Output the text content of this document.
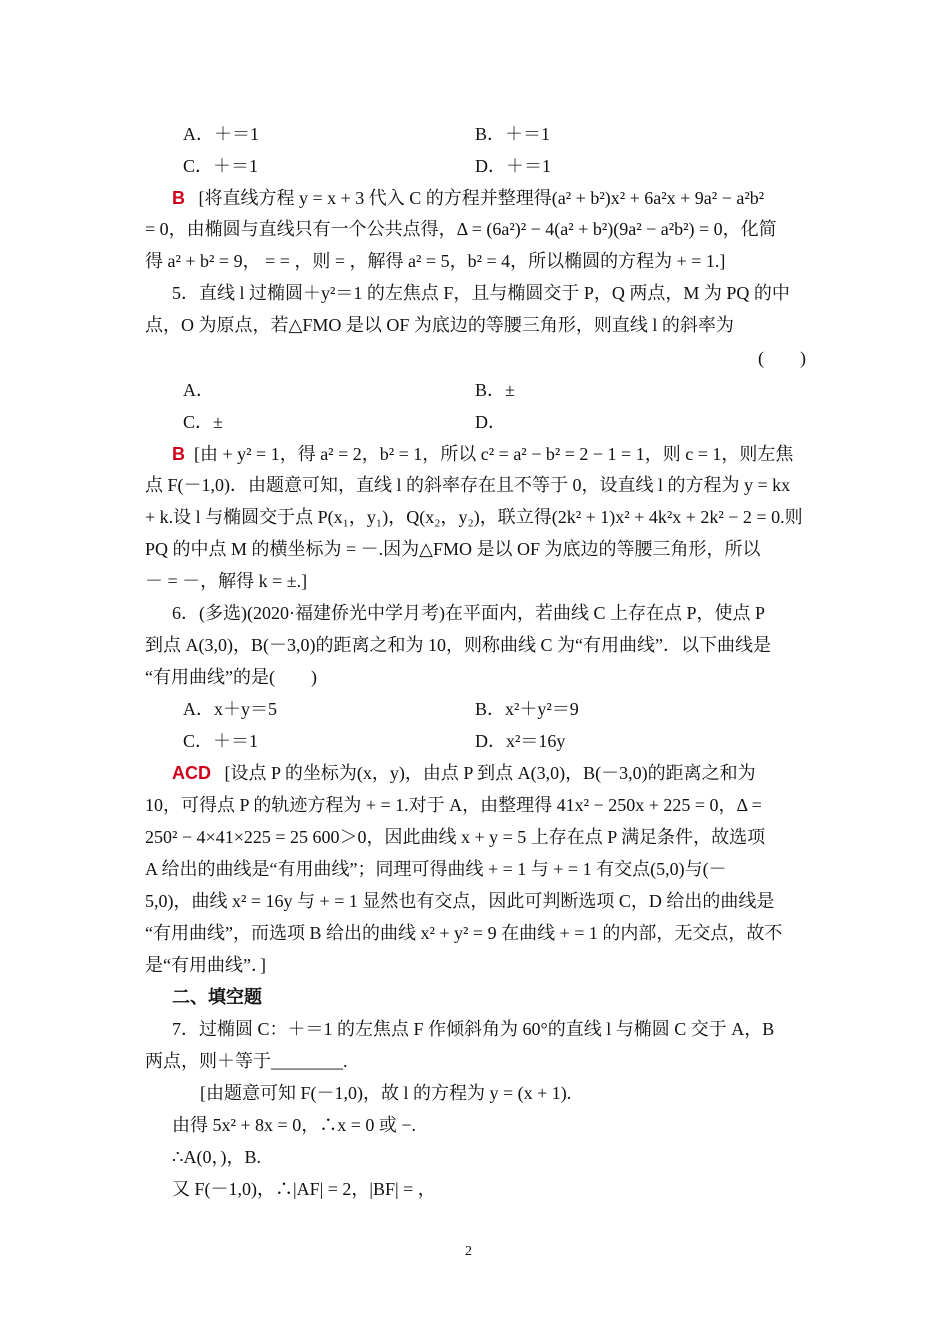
A．＋＝1	B．＋＝1
C．＋＝1	D．＋＝1
B [将直线方程 y = x + 3 代入 C 的方程并整理得(a² + b²)x² + 6a²x + 9a² − a²b²
= 0，由椭圆与直线只有一个公共点得，Δ = (6a²)² − 4(a² + b²)(9a² − a²b²) = 0，化简
得 a² + b² = 9， = = ，则 = ，解得 a² = 5，b² = 4，所以椭圆的方程为 + = 1.]
5．直线 l 过椭圆＋y²＝1 的左焦点 F，且与椭圆交于 P，Q 两点，M 为 PQ 的中
点，O 为原点，若△FMO 是以 OF 为底边的等腰三角形，则直线 l 的斜率为
(　　)
A．	B．±
C．±	D．
B [由 + y² = 1，得 a² = 2，b² = 1，所以 c² = a² − b² = 2 − 1 = 1，则 c = 1，则左焦
点 F(－1,0)．由题意可知，直线 l 的斜率存在且不等于 0，设直线 l 的方程为 y = kx
+ k.设 l 与椭圆交于点 P(x₁，y₁)，Q(x₂，y₂)，联立得(2k² + 1)x² + 4k²x + 2k² − 2 = 0.则
PQ 的中点 M 的横坐标为 = －.因为△FMO 是以 OF 为底边的等腰三角形，所以
－ = －，解得 k = ±.]
6．(多选)(2020·福建侨光中学月考)在平面内，若曲线 C 上存在点 P，使点 P
到点 A(3,0)，B(－3,0)的距离之和为 10，则称曲线 C 为“有用曲线”．以下曲线是
“有用曲线”的是(　　)
A．x＋y＝5	B．x²＋y²＝9
C．＋＝1	D．x²＝16y
ACD [设点 P 的坐标为(x，y)，由点 P 到点 A(3,0)，B(－3,0)的距离之和为
10，可得点 P 的轨迹方程为 + = 1.对于 A，由整理得 41x² − 250x + 225 = 0，Δ =
250² − 4×41×225 = 25 600＞0，因此曲线 x + y = 5 上存在点 P 满足条件，故选项
A 给出的曲线是“有用曲线”；同理可得曲线 + = 1 与 + = 1 有交点(5,0)与(－
5,0)，曲线 x² = 16y 与 + = 1 显然也有交点，因此可判断选项 C，D 给出的曲线是
“有用曲线”，而选项 B 给出的曲线 x² + y² = 9 在曲线 + = 1 的内部，无交点，故不
是“有用曲线”．]
二、填空题
7．过椭圆 C：＋＝1 的左焦点 F 作倾斜角为 60°的直线 l 与椭圆 C 交于 A，B
两点，则＋等于________.
[由题意可知 F(－1,0)，故 l 的方程为 y = (x + 1).
由得 5x² + 8x = 0，∴x = 0 或 −.
∴A(0，)，B.
又 F(－1,0)，∴|AF| = 2，|BF| = ，
2
